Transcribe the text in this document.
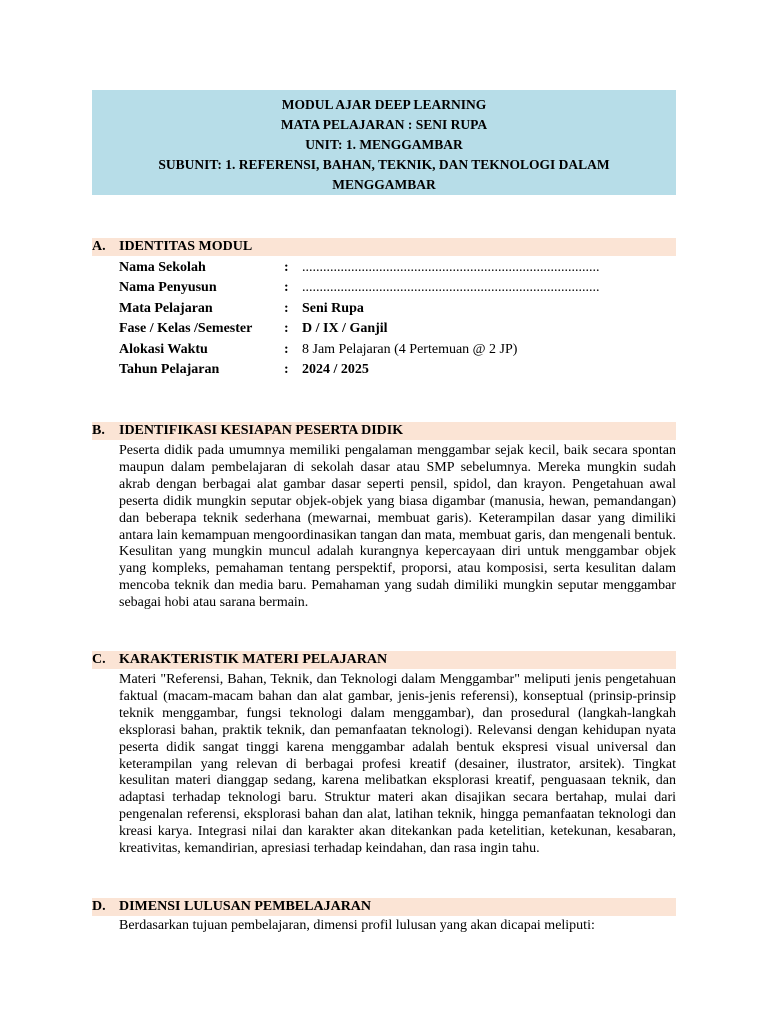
MODUL AJAR DEEP LEARNING
MATA PELAJARAN : SENI RUPA
UNIT: 1. MENGGAMBAR
SUBUNIT: 1. REFERENSI, BAHAN, TEKNIK, DAN TEKNOLOGI DALAM MENGGAMBAR
A. IDENTITAS MODUL
Nama Sekolah	: .....................................................................................
Nama Penyusun	: .....................................................................................
Mata Pelajaran	: Seni Rupa
Fase / Kelas /Semester	: D / IX / Ganjil
Alokasi Waktu	: 8 Jam Pelajaran (4 Pertemuan @ 2 JP)
Tahun Pelajaran	: 2024 / 2025
B. IDENTIFIKASI KESIAPAN PESERTA DIDIK
Peserta didik pada umumnya memiliki pengalaman menggambar sejak kecil, baik secara spontan maupun dalam pembelajaran di sekolah dasar atau SMP sebelumnya. Mereka mungkin sudah akrab dengan berbagai alat gambar dasar seperti pensil, spidol, dan krayon. Pengetahuan awal peserta didik mungkin seputar objek-objek yang biasa digambar (manusia, hewan, pemandangan) dan beberapa teknik sederhana (mewarnai, membuat garis). Keterampilan dasar yang dimiliki antara lain kemampuan mengoordinasikan tangan dan mata, membuat garis, dan mengenali bentuk. Kesulitan yang mungkin muncul adalah kurangnya kepercayaan diri untuk menggambar objek yang kompleks, pemahaman tentang perspektif, proporsi, atau komposisi, serta kesulitan dalam mencoba teknik dan media baru. Pemahaman yang sudah dimiliki mungkin seputar menggambar sebagai hobi atau sarana bermain.
C. KARAKTERISTIK MATERI PELAJARAN
Materi "Referensi, Bahan, Teknik, dan Teknologi dalam Menggambar" meliputi jenis pengetahuan faktual (macam-macam bahan dan alat gambar, jenis-jenis referensi), konseptual (prinsip-prinsip teknik menggambar, fungsi teknologi dalam menggambar), dan prosedural (langkah-langkah eksplorasi bahan, praktik teknik, dan pemanfaatan teknologi). Relevansi dengan kehidupan nyata peserta didik sangat tinggi karena menggambar adalah bentuk ekspresi visual universal dan keterampilan yang relevan di berbagai profesi kreatif (desainer, ilustrator, arsitek). Tingkat kesulitan materi dianggap sedang, karena melibatkan eksplorasi kreatif, penguasaan teknik, dan adaptasi terhadap teknologi baru. Struktur materi akan disajikan secara bertahap, mulai dari pengenalan referensi, eksplorasi bahan dan alat, latihan teknik, hingga pemanfaatan teknologi dan kreasi karya. Integrasi nilai dan karakter akan ditekankan pada ketelitian, ketekunan, kesabaran, kreativitas, kemandirian, apresiasi terhadap keindahan, dan rasa ingin tahu.
D. DIMENSI LULUSAN PEMBELAJARAN
Berdasarkan tujuan pembelajaran, dimensi profil lulusan yang akan dicapai meliputi:
